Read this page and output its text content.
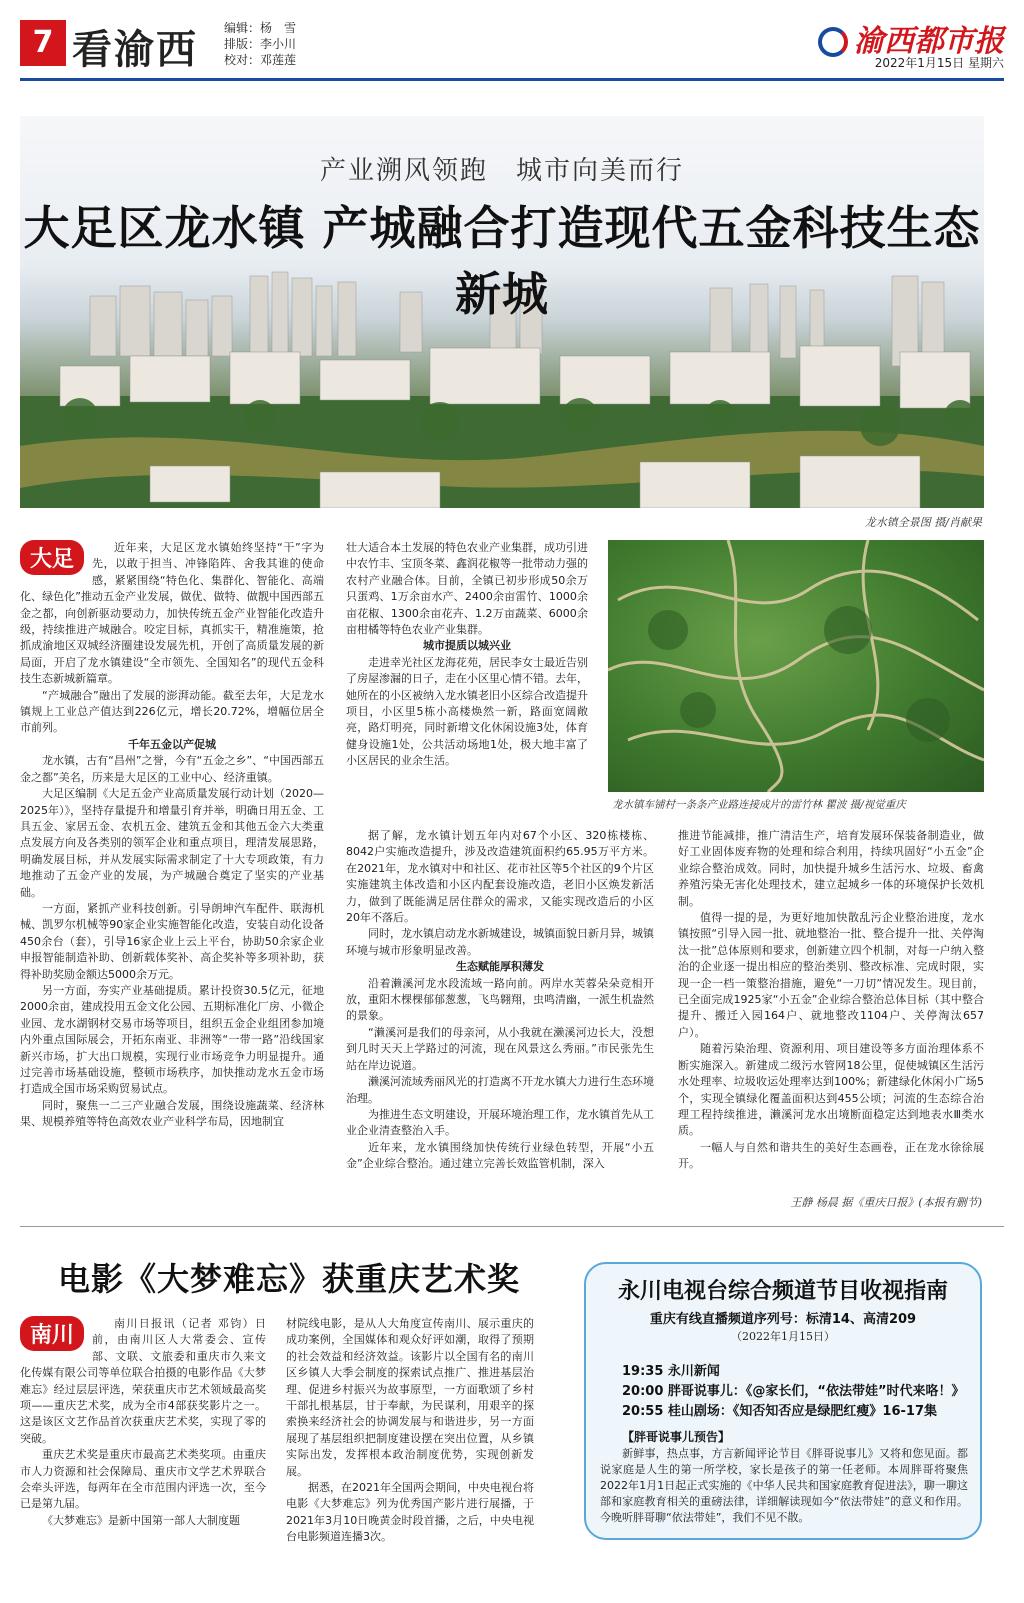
7 看渝西 编辑：杨　雪
排版：李小川
校对：邓莲莲
渝西都市报
2022年1月15日 星期六
产业溯风领跑　城市向美而行
大足区龙水镇 产城融合打造现代五金科技生态新城
龙水镇全景图 摄/肖献果
大足	近年来，大足区龙水镇始终坚持“干”字为先，以敢于担当、冲锋陷阵、舍我其谁的使命感，紧紧围绕“特色化、集群化、智能化、高端化、绿色化”推动五金产业发展，做优、做特、做靓中国西部五金之都，向创新驱动要动力，加快传统五金产业智能化改造升级，持续推进产城融合。咬定目标，真抓实干，精准施策，抢抓成渝地区双城经济圈建设发展先机，开创了高质量发展的新局面，开启了龙水镇建设“全市领先、全国知名”的现代五金科技生态新城新篇章。

“产城融合”融出了发展的澎湃动能。截至去年，大足龙水镇规上工业总产值达到226亿元，增长20.72%，增幅位居全市前列。

千年五金以产促城

龙水镇，古有“昌州”之誉，今有“五金之乡”、“中国西部五金之都”美名，历来是大足区的工业中心、经济重镇。

大足区编制《大足五金产业高质量发展行动计划（2020—2025年）》，坚持存量提升和增量引育并举，明确日用五金、工具五金、家居五金、农机五金、建筑五金和其他五金六大类重点发展方向及各类别的领军企业和重点项目，理清发展思路，明确发展目标，并从发展实际需求制定了十大专项政策，有力地推动了五金产业的发展，为产城融合奠定了坚实的产业基础。

一方面，紧抓产业科技创新。引导朗坤汽车配件、联海机械、凯罗尔机械等90家企业实施智能化改造，安装自动化设备450余台（套），引导16家企业上云上平台，协助50余家企业申报智能制造补助、创新载体奖补、高企奖补等多项补助，获得补助奖励金额达5000余万元。

另一方面，夯实产业基础提质。累计投资30.5亿元，征地2000余亩，建成投用五金文化公园、五期标准化厂房、小微企业园、龙水湖钢材交易市场等项目，组织五金企业组团参加境内外重点国际展会，开拓东南亚、非洲等“一带一路”沿线国家新兴市场，扩大出口规模，实现行业市场竞争力明显提升。通过完善市场基础设施，整顿市场秩序，加快推动龙水五金市场打造成全国市场采购贸易试点。

同时，聚焦一二三产业融合发展，围绕设施蔬菜、经济林果、规模养殖等特色高效农业产业科学布局，因地制宜

壮大适合本土发展的特色农业产业集群，成功引进中农竹丰、宝顶冬菜、鑫润花椒等一批带动力强的农村产业融合体。目前，全镇已初步形成50余万只蛋鸡、1万余亩水产、2400余亩雷竹、1000余亩花椒、1300余亩花卉、1.2万亩蔬菜、6000余亩柑橘等特色农业产业集群。

城市提质以城兴业

走进幸光社区龙海花苑，居民李女士最近告别了房屋渗漏的日子，走在小区里心情不错。去年，她所在的小区被纳入龙水镇老旧小区综合改造提升项目，小区里5栋小高楼焕然一新，路面宽阔敞亮，路灯明亮，同时新增文化休闲设施3处，体育健身设施1处，公共活动场地1处，极大地丰富了小区居民的业余生活。

据了解，龙水镇计划五年内对67个小区、320栋楼栋、8042户实施改造提升，涉及改造建筑面积约65.95万平方米。在2021年，龙水镇对中和社区、花市社区等5个社区的9个片区实施建筑主体改造和小区内配套设施改造，老旧小区焕发新活力，做到了既能满足居住群众的需求，又能实现改造后的小区20年不落后。

同时，龙水镇启动龙水新城建设，城镇面貌日新月异，城镇环境与城市形象明显改善。

生态赋能厚积薄发

沿着濑溪河龙水段流域一路向前。两岸水芙蓉朵朵竞相开放，重阳木棵棵郁郁葱葱，飞鸟翱翔，虫鸣清幽，一派生机盎然的景象。

“濑溪河是我们的母亲河，从小我就在濑溪河边长大，没想到几时天天上学路过的河流，现在风景这么秀丽。”市民张先生站在岸边说道。

濑溪河流域秀丽风光的打造离不开龙水镇大力进行生态环境治理。

为推进生态文明建设，开展环境治理工作，龙水镇首先从工业企业清查整治入手。

近年来，龙水镇围绕加快传统行业绿色转型，开展“小五金”企业综合整治。通过建立完善长效监管机制，深入

龙水镇车铺村一条条产业路连接成片的雷竹林 瞿波 摄/视觉重庆

推进节能减排，推广清洁生产，培育发展环保装备制造业，做好工业固体废弃物的处理和综合利用，持续巩固好“小五金”企业综合整治成效。同时，加快提升城乡生活污水、垃圾、畜禽养殖污染无害化处理技术，建立起城乡一体的环境保护长效机制。

值得一提的是，为更好地加快散乱污企业整治进度，龙水镇按照“引导入园一批、就地整治一批、整合提升一批、关停淘汰一批”总体原则和要求，创新建立四个机制，对每一户纳入整治的企业逐一提出相应的整治类别、整改标准、完成时限，实现一企一档一策整治措施，避免“一刀切”情况发生。现目前，已全面完成1925家“小五金”企业综合整治总体目标（其中整合提升、搬迁入园164户、就地整改1104户、关停淘汰657户）。

随着污染治理、资源利用、项目建设等多方面治理体系不断实施深入。新建成二级污水管网18公里，促使城镇区生活污水处理率、垃圾收运处理率达到100%；新建绿化休闲小广场5个，实现全镇绿化覆盖面积达到455公顷；河流的生态综合治理工程持续推进，濑溪河龙水出境断面稳定达到地表水Ⅲ类水质。

一幅人与自然和谐共生的美好生态画卷，正在龙水徐徐展开。

王静 杨晨 据《重庆日报》(本报有删节)
电影《大梦难忘》获重庆艺术奖
南川	南川日报讯（记者 邓钧）日前，由南川区人大常委会、宣传部、文联、文旅委和重庆市久来文化传媒有限公司等单位联合拍摄的电影作品《大梦难忘》经过层层评选，荣获重庆市艺术领域最高奖项——重庆艺术奖，成为全市4部获奖影片之一。这是该区文艺作品首次获重庆艺术奖，实现了零的突破。

重庆艺术奖是重庆市最高艺术类奖项。由重庆市人力资源和社会保障局、重庆市文学艺术界联合会牵头评选，每两年在全市范围内评选一次，至今已是第九届。

《大梦难忘》是新中国第一部人大制度题

材院线电影，是从人大角度宣传南川、展示重庆的成功案例，全国媒体和观众好评如潮，取得了预期的社会效益和经济效益。该影片以全国有名的南川区乡镇人大季会制度的探索试点推广、推进基层治理、促进乡村振兴为故事原型，一方面歌颂了乡村干部扎根基层，甘于奉献，为民谋利，用艰辛的探索换来经济社会的协调发展与和谐进步，另一方面展现了基层组织把制度建设摆在突出位置，从乡镇实际出发，发挥根本政治制度优势，实现创新发展。

据悉，在2021年全国两会期间，中央电视台将电影《大梦难忘》列为优秀国产影片进行展播，于2021年3月10日晚黄金时段首播，之后，中央电视台电影频道连播3次。

永川电视台综合频道节目收视指南
重庆有线直播频道序列号：标清14、高清209
（2022年1月15日）
19:35 永川新闻
20:00 胖哥说事儿：《@家长们，“依法带娃”时代来咯！》
20:55 桂山剧场：《知否知否应是绿肥红瘦》16-17集
【胖哥说事儿预告】
新鲜事，热点事，方言新闻评论节目《胖哥说事儿》又将和您见面。都说家庭是人生的第一所学校，家长是孩子的第一任老师。本周胖哥将聚焦2022年1月1日起正式实施的《中华人民共和国家庭教育促进法》，聊一聊这部和家庭教育相关的重磅法律，详细解读现如今“依法带娃”的意义和作用。今晚听胖哥聊“依法带娃”，我们不见不散。
